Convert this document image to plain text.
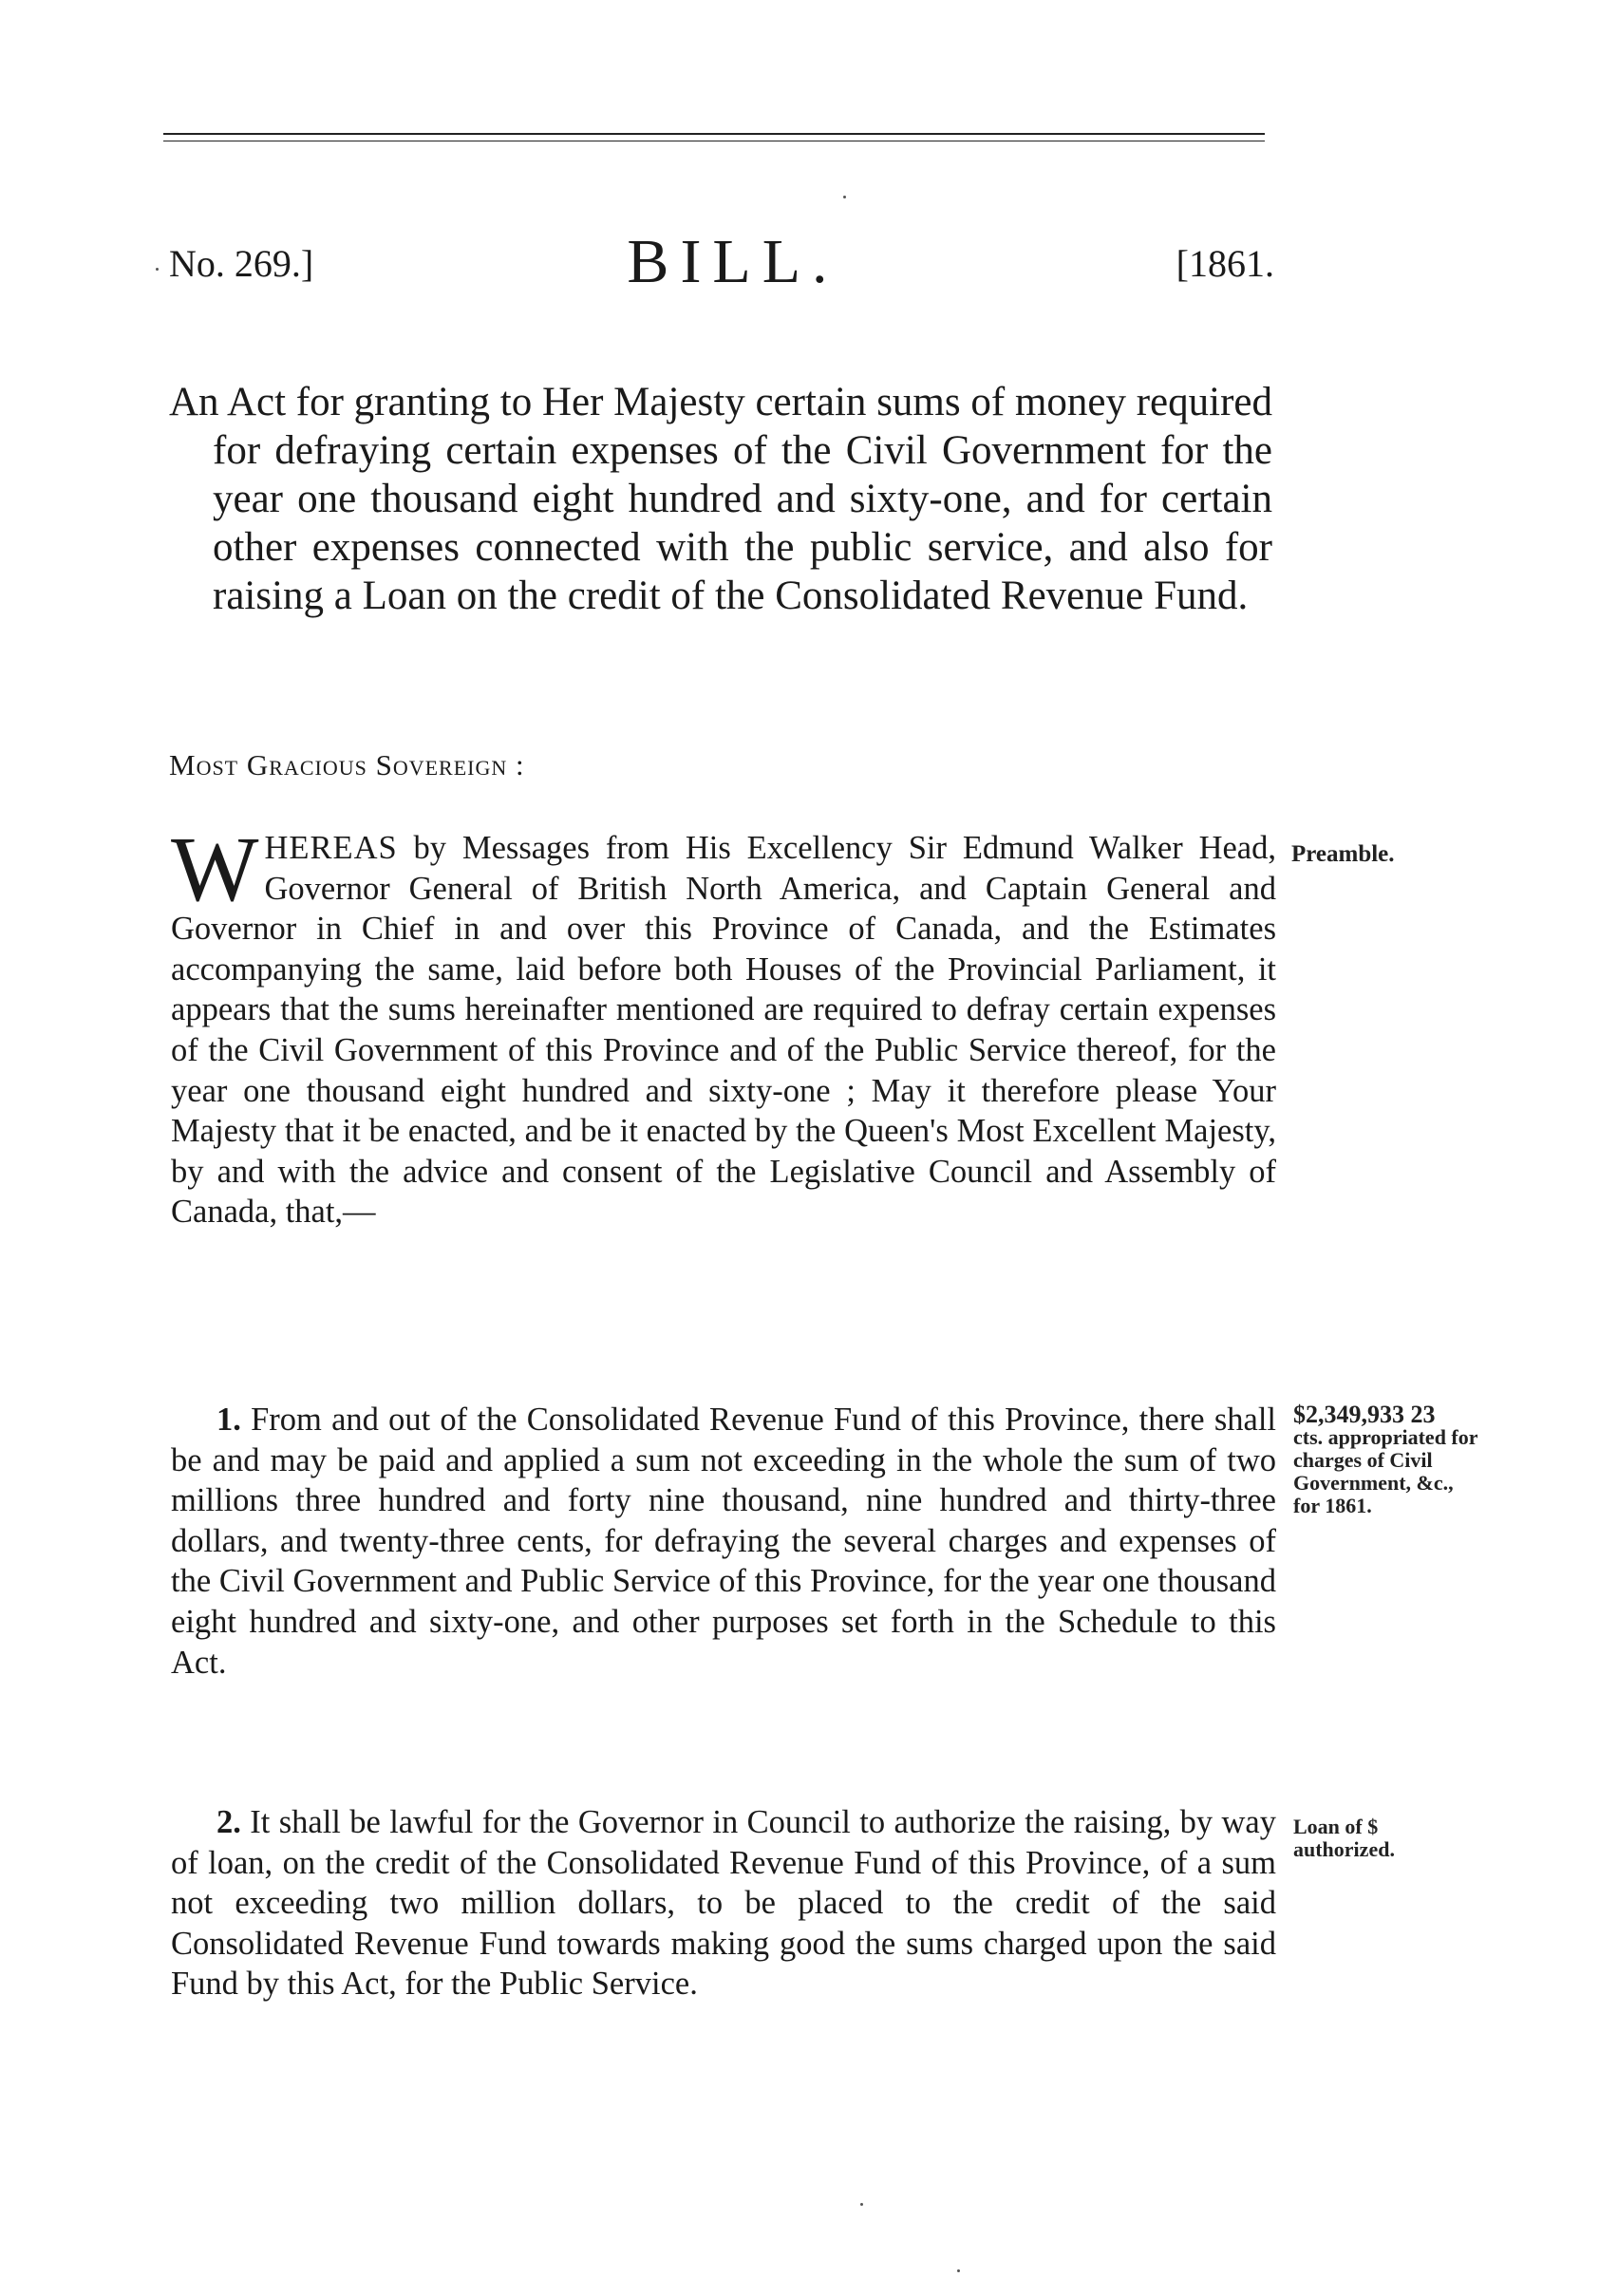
No. 269.]	BILL.	[1861.
An Act for granting to Her Majesty certain sums of money required for defraying certain expenses of the Civil Government for the year one thousand eight hundred and sixty-one, and for certain other expenses connected with the public service, and also for raising a Loan on the credit of the Consolidated Revenue Fund.
Most Gracious Sovereign :
WHEREAS by Messages from His Excellency Sir Edmund Walker Head, Governor General of British North America, and Captain General and Governor in Chief in and over this Province of Canada, and the Estimates accompanying the same, laid before both Houses of the Provincial Parliament, it appears that the sums hereinafter mentioned are required to defray certain expenses of the Civil Government of this Province and of the Public Service thereof, for the year one thousand eight hundred and sixty-one ; May it therefore please Your Majesty that it be enacted, and be it enacted by the Queen's Most Excellent Majesty, by and with the advice and consent of the Legislative Council and Assembly of Canada, that,—
Preamble.
1. From and out of the Consolidated Revenue Fund of this Province, there shall be and may be paid and applied a sum not exceeding in the whole the sum of two millions three hundred and forty nine thousand, nine hundred and thirty-three dollars, and twenty-three cents, for defraying the several charges and expenses of the Civil Government and Public Service of this Province, for the year one thousand eight hundred and sixty-one, and other purposes set forth in the Schedule to this Act.
$2,349,933 23
cts. appropriated for charges of Civil Government, &c., for 1861.
2. It shall be lawful for the Governor in Council to authorize the raising, by way of loan, on the credit of the Consolidated Revenue Fund of this Province, of a sum not exceeding two million dollars, to be placed to the credit of the said Consolidated Revenue Fund towards making good the sums charged upon the said Fund by this Act, for the Public Service.
Loan of $ authorized.
